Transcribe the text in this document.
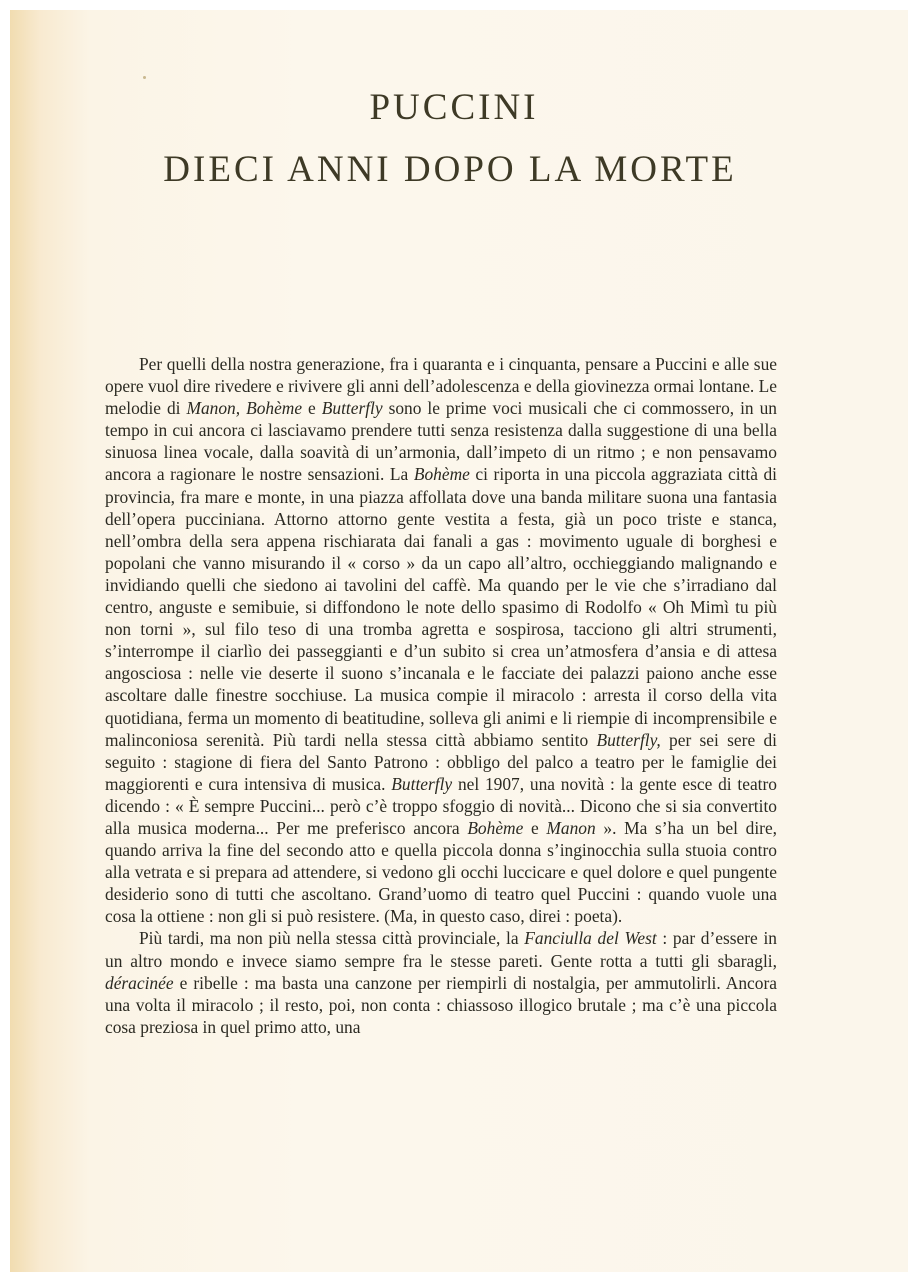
PUCCINI
DIECI ANNI DOPO LA MORTE

Per quelli della nostra generazione, fra i quaranta e i cinquanta, pensare a Puccini e alle sue opere vuol dire rivedere e rivivere gli anni dell’adolescenza e della giovinezza ormai lontane. Le melodie di Manon, Bohème e Butterfly sono le prime voci musicali che ci commossero, in un tempo in cui ancora ci lasciavamo prendere tutti senza resistenza dalla suggestione di una bella sinuosa linea vocale, dalla soavità di un’armonia, dall’impeto di un ritmo ; e non pensavamo ancora a ragionare le nostre sensazioni. La Bohème ci riporta in una piccola aggraziata città di provincia, fra mare e monte, in una piazza affollata dove una banda militare suona una fantasia dell’opera pucciniana. Attorno attorno gente vestita a festa, già un poco triste e stanca, nell’ombra della sera appena rischiarata dai fanali a gas : movimento uguale di borghesi e popolani che vanno misurando il « corso » da un capo all’altro, occhieggiando malignando e invidiando quelli che siedono ai tavolini del caffè. Ma quando per le vie che s’irradiano dal centro, anguste e semibuie, si diffondono le note dello spasimo di Rodolfo « Oh Mimì tu più non torni », sul filo teso di una tromba agretta e sospirosa, tacciono gli altri strumenti, s’interrompe il ciarlìo dei passeggianti e d’un subito si crea un’atmosfera d’ansia e di attesa angosciosa : nelle vie deserte il suono s’incanala e le facciate dei palazzi paiono anche esse ascoltare dalle finestre socchiuse. La musica compie il miracolo : arresta il corso della vita quotidiana, ferma un momento di beatitudine, solleva gli animi e li riempie di incomprensibile e malinconiosa serenità. Più tardi nella stessa città abbiamo sentito Butterfly, per sei sere di seguito : stagione di fiera del Santo Patrono : obbligo del palco a teatro per le famiglie dei maggiorenti e cura intensiva di musica. Butterfly nel 1907, una novità : la gente esce di teatro dicendo : « È sempre Puccini... però c’è troppo sfoggio di novità... Dicono che si sia convertito alla musica moderna... Per me preferisco ancora Bohème e Manon ». Ma s’ha un bel dire, quando arriva la fine del secondo atto e quella piccola donna s’inginocchia sulla stuoia contro alla vetrata e si prepara ad attendere, si vedono gli occhi luccicare e quel dolore e quel pungente desiderio sono di tutti che ascoltano. Grand’uomo di teatro quel Puccini : quando vuole una cosa la ottiene : non gli si può resistere. (Ma, in questo caso, direi : poeta).

Più tardi, ma non più nella stessa città provinciale, la Fanciulla del West : par d’essere in un altro mondo e invece siamo sempre fra le stesse pareti. Gente rotta a tutti gli sbaragli, déracinée e ribelle : ma basta una canzone per riempirli di nostalgia, per ammutolirli. Ancora una volta il miracolo ; il resto, poi, non conta : chiassoso illogico brutale ; ma c’è una piccola cosa preziosa in quel primo atto, una
